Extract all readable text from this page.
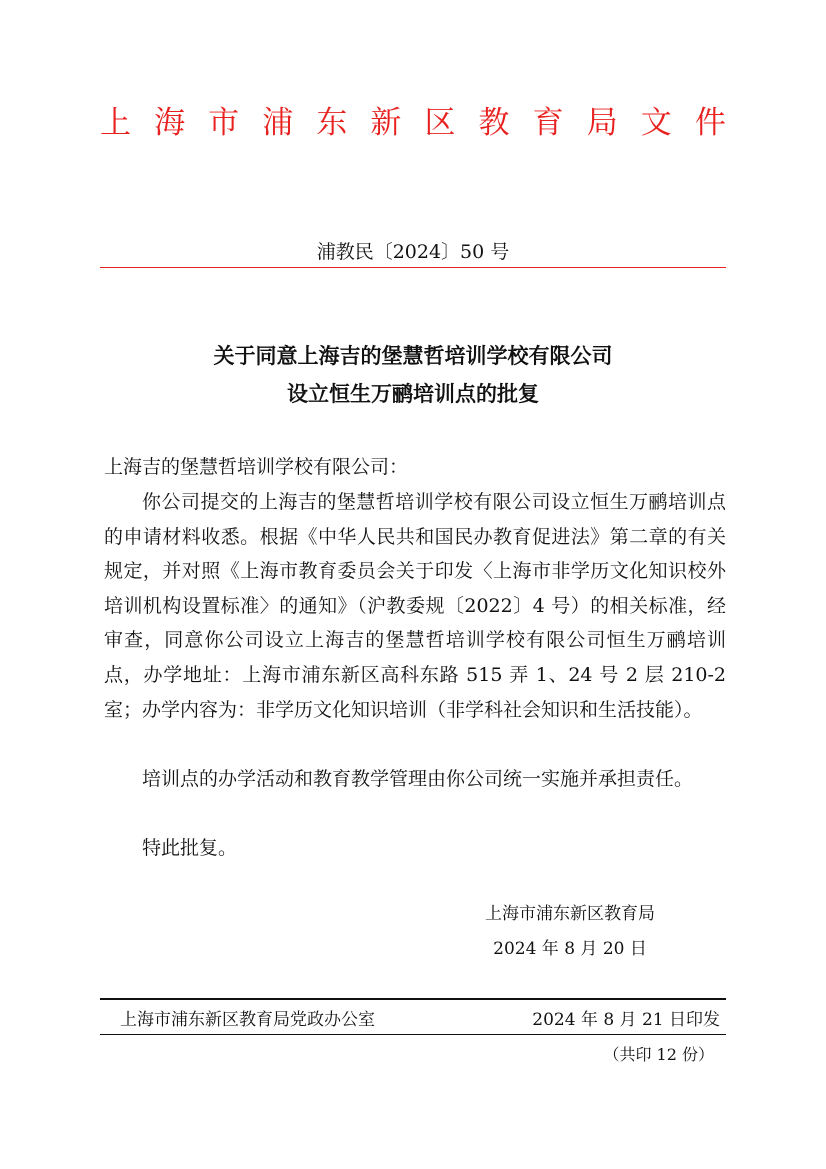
上 海 市 浦 东 新 区 教 育 局 文 件
浦教民〔2024〕50 号
关于同意上海吉的堡慧哲培训学校有限公司
设立恒生万鹂培训点的批复
上海吉的堡慧哲培训学校有限公司：

你公司提交的上海吉的堡慧哲培训学校有限公司设立恒生万鹂培训点的申请材料收悉。根据《中华人民共和国民办教育促进法》第二章的有关规定，并对照《上海市教育委员会关于印发〈上海市非学历文化知识校外培训机构设置标准〉的通知》（沪教委规〔2022〕4 号）的相关标准，经审查，同意你公司设立上海吉的堡慧哲培训学校有限公司恒生万鹂培训点，办学地址：上海市浦东新区高科东路 515 弄 1、24 号 2 层 210-2 室；办学内容为：非学历文化知识培训（非学科社会知识和生活技能）。

培训点的办学活动和教育教学管理由你公司统一实施并承担责任。

特此批复。

上海市浦东新区教育局
2024 年 8 月 20 日
上海市浦东新区教育局党政办公室	2024 年 8 月 21 日印发
（共印 12 份）
